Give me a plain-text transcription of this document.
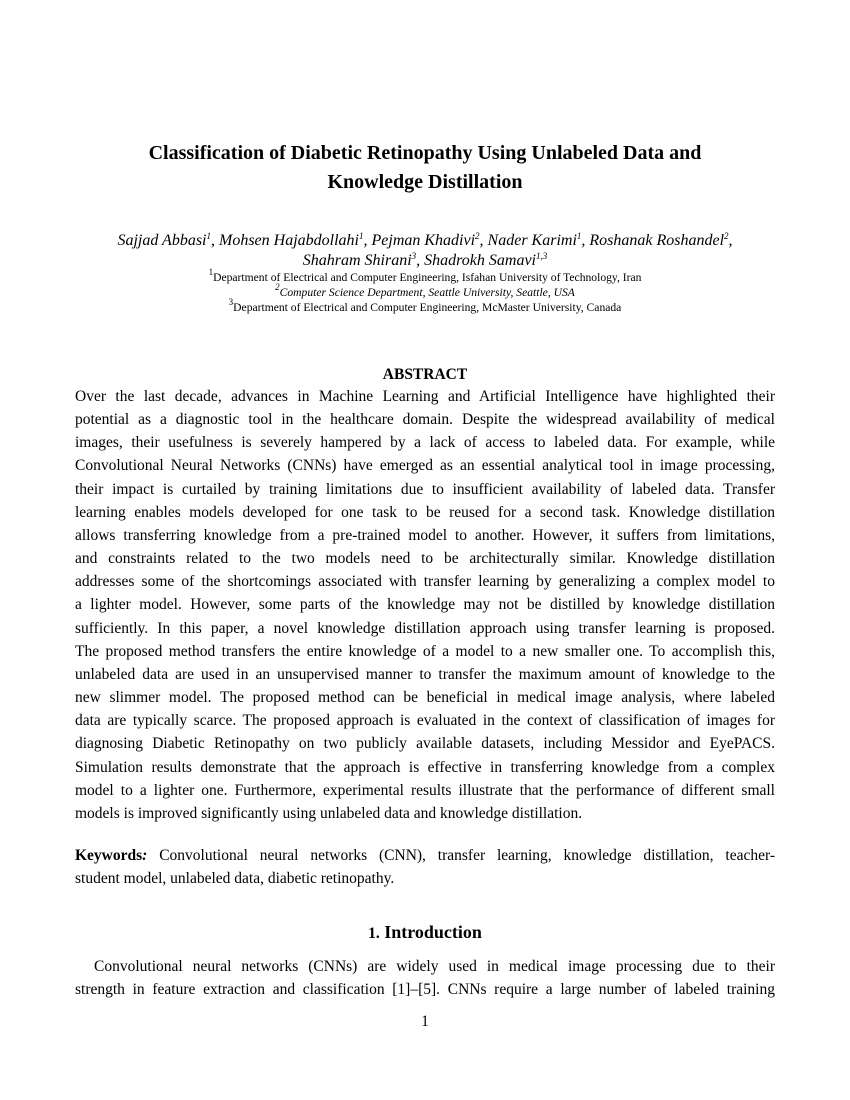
Classification of Diabetic Retinopathy Using Unlabeled Data and
Knowledge Distillation
Sajjad Abbasi$^1$, Mohsen Hajabdollahi$^1$, Pejman Khadivi$^2$, Nader Karimi$^1$, Roshanak Roshandel$^2$,
Shahram Shirani$^3$, Shadrokh Samavi$^{1,3}$
$^1$Department of Electrical and Computer Engineering, Isfahan University of Technology, Iran
$^2$Computer Science Department, Seattle University, Seattle, USA
$^3$Department of Electrical and Computer Engineering, McMaster University, Canada
ABSTRACT
Over the last decade, advances in Machine Learning and Artificial Intelligence have highlighted their
potential as a diagnostic tool in the healthcare domain. Despite the widespread availability of medical
images, their usefulness is severely hampered by a lack of access to labeled data. For example, while
Convolutional Neural Networks (CNNs) have emerged as an essential analytical tool in image processing,
their impact is curtailed by training limitations due to insufficient availability of labeled data. Transfer
learning enables models developed for one task to be reused for a second task. Knowledge distillation
allows transferring knowledge from a pre-trained model to another. However, it suffers from limitations,
and constraints related to the two models need to be architecturally similar. Knowledge distillation
addresses some of the shortcomings associated with transfer learning by generalizing a complex model to
a lighter model. However, some parts of the knowledge may not be distilled by knowledge distillation
sufficiently. In this paper, a novel knowledge distillation approach using transfer learning is proposed.
The proposed method transfers the entire knowledge of a model to a new smaller one. To accomplish this,
unlabeled data are used in an unsupervised manner to transfer the maximum amount of knowledge to the
new slimmer model. The proposed method can be beneficial in medical image analysis, where labeled
data are typically scarce. The proposed approach is evaluated in the context of classification of images for
diagnosing Diabetic Retinopathy on two publicly available datasets, including Messidor and EyePACS.
Simulation results demonstrate that the approach is effective in transferring knowledge from a complex
model to a lighter one. Furthermore, experimental results illustrate that the performance of different small
models is improved significantly using unlabeled data and knowledge distillation.
Keywords: Convolutional neural networks (CNN), transfer learning, knowledge distillation, teacher-
student model, unlabeled data, diabetic retinopathy.
1. Introduction
Convolutional neural networks (CNNs) are widely used in medical image processing due to their
strength in feature extraction and classification [1]–[5]. CNNs require a large number of labeled training
1
